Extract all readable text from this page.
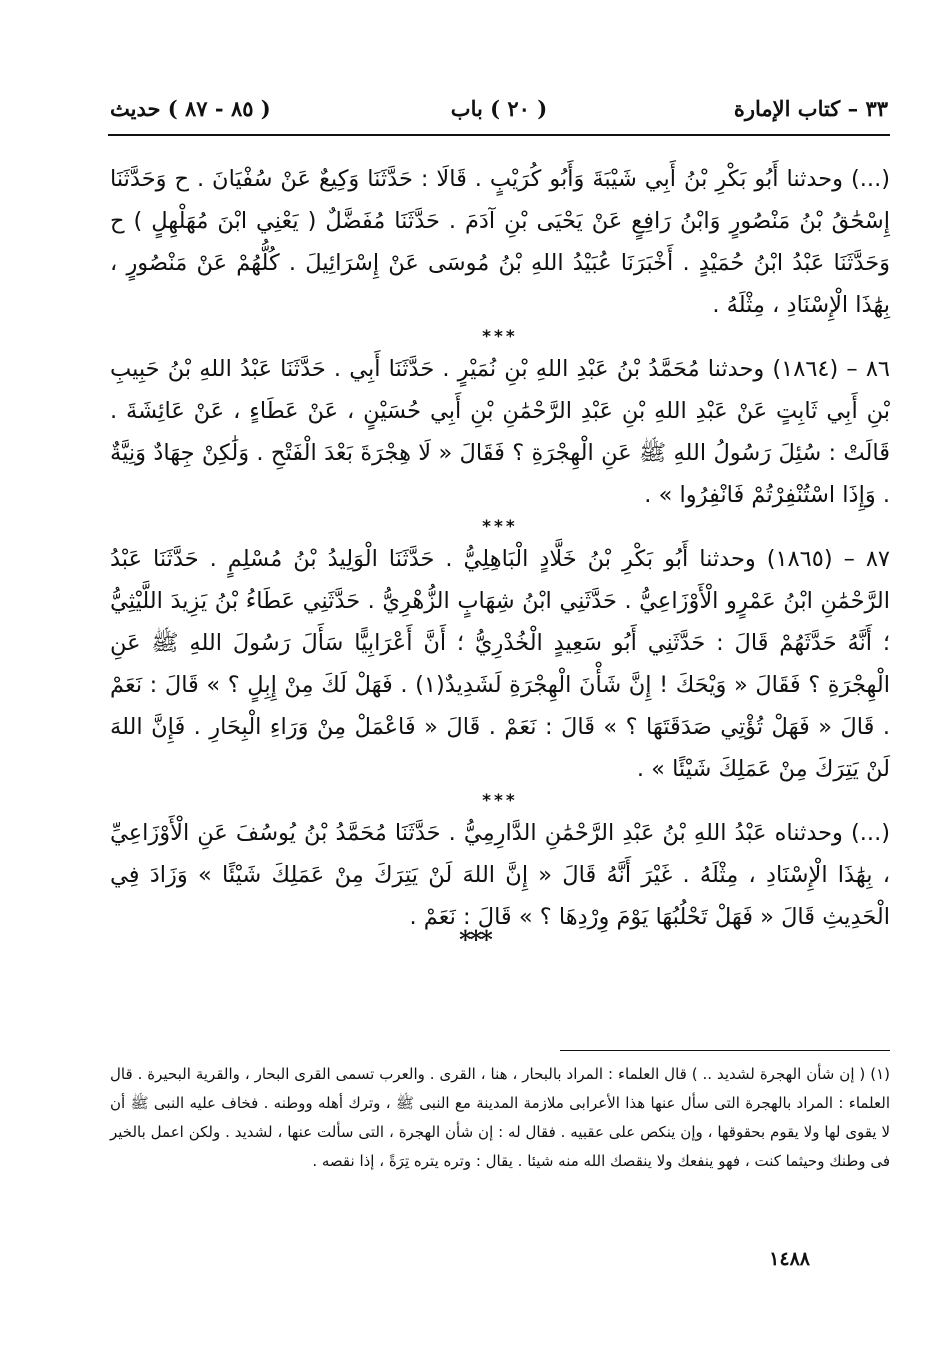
٣٣ – كتاب الإمارة
( ٢٠ ) باب
( ٨٥ - ٨٧ ) حديث

(...) وحدثنا أَبُو بَكْرِ بْنُ أَبِي شَيْبَةَ وَأَبُو كُرَيْبٍ . قَالَا : حَدَّثَنَا وَكِيعٌ عَنْ سُفْيَانَ . ح وَحَدَّثَنَا إِسْحَٰقُ بْنُ مَنْصُورٍ وَابْنُ رَافِعٍ عَنْ يَحْيَى بْنِ آدَمَ . حَدَّثَنَا مُفَضَّلٌ ( يَعْنِي ابْنَ مُهَلْهِلٍ ) ح وَحَدَّثَنَا عَبْدُ ابْنُ حُمَيْدٍ . أَخْبَرَنَا عُبَيْدُ اللهِ بْنُ مُوسَى عَنْ إِسْرَائِيلَ . كُلُّهُمْ عَنْ مَنْصُورٍ ، بِهَٰذَا الْإِسْنَادِ ، مِثْلَهُ .

***

٨٦ – (١٨٦٤) وحدثنا مُحَمَّدُ بْنُ عَبْدِ اللهِ بْنِ نُمَيْرٍ . حَدَّثَنَا أَبِي . حَدَّثَنَا عَبْدُ اللهِ بْنُ حَبِيبِ بْنِ أَبِي ثَابِتٍ عَنْ عَبْدِ اللهِ بْنِ عَبْدِ الرَّحْمَٰنِ بْنِ أَبِي حُسَيْنٍ ، عَنْ عَطَاءٍ ، عَنْ عَائِشَةَ . قَالَتْ : سُئِلَ رَسُولُ اللهِ ﷺ عَنِ الْهِجْرَةِ ؟ فَقَالَ « لَا هِجْرَةَ بَعْدَ الْفَتْحِ . وَلَٰكِنْ جِهَادٌ وَنِيَّةٌ . وَإِذَا اسْتُنْفِرْتُمْ فَانْفِرُوا » .

***

٨٧ – (١٨٦٥) وحدثنا أَبُو بَكْرِ بْنُ خَلَّادٍ الْبَاهِلِيُّ . حَدَّثَنَا الْوَلِيدُ بْنُ مُسْلِمٍ . حَدَّثَنَا عَبْدُ الرَّحْمَٰنِ ابْنُ عَمْرٍو الْأَوْزَاعِيُّ . حَدَّثَنِي ابْنُ شِهَابٍ الزُّهْرِيُّ . حَدَّثَنِي عَطَاءُ بْنُ يَزِيدَ اللَّيْثِيُّ ؛ أَنَّهُ حَدَّثَهُمْ قَالَ : حَدَّثَنِي أَبُو سَعِيدٍ الْخُدْرِيُّ ؛ أَنَّ أَعْرَابِيًّا سَأَلَ رَسُولَ اللهِ ﷺ عَنِ الْهِجْرَةِ ؟ فَقَالَ « وَيْحَكَ ! إِنَّ شَأْنَ الْهِجْرَةِ لَشَدِيدٌ(١) . فَهَلْ لَكَ مِنْ إِبِلٍ ؟ » قَالَ : نَعَمْ . قَالَ « فَهَلْ تُؤْتِي صَدَقَتَهَا ؟ » قَالَ : نَعَمْ . قَالَ « فَاعْمَلْ مِنْ وَرَاءِ الْبِحَارِ . فَإِنَّ اللهَ لَنْ يَتِرَكَ مِنْ عَمَلِكَ شَيْئًا » .

***

(...) وحدثناه عَبْدُ اللهِ بْنُ عَبْدِ الرَّحْمَٰنِ الدَّارِمِيُّ . حَدَّثَنَا مُحَمَّدُ بْنُ يُوسُفَ عَنِ الْأَوْزَاعِيِّ ، بِهَٰذَا الْإِسْنَادِ ، مِثْلَهُ . غَيْرَ أَنَّهُ قَالَ « إِنَّ اللهَ لَنْ يَتِرَكَ مِنْ عَمَلِكَ شَيْئًا » وَزَادَ فِي الْحَدِيثِ قَالَ « فَهَلْ تَحْلُبُهَا يَوْمَ وِرْدِهَا ؟ » قَالَ : نَعَمْ .

***

(١) ( إن شأن الهجرة لشديد .. ) قال العلماء : المراد بالبحار ، هنا ، القرى . والعرب تسمى القرى البحار ، والقرية البحيرة . قال العلماء : المراد بالهجرة التى سأل عنها هذا الأعرابى ملازمة المدينة مع النبى ﷺ ، وترك أهله ووطنه . فخاف عليه النبى ﷺ أن لا يقوى لها ولا يقوم بحقوقها ، وإن ينكص على عقبيه . فقال له : إن شأن الهجرة ، التى سألت عنها ، لشديد . ولكن اعمل بالخير فى وطنك وحيثما كنت ، فهو ينفعك ولا ينقصك الله منه شيئا . يقال : وتره يتره تِرَةً ، إذا نقصه .

١٤٨٨
